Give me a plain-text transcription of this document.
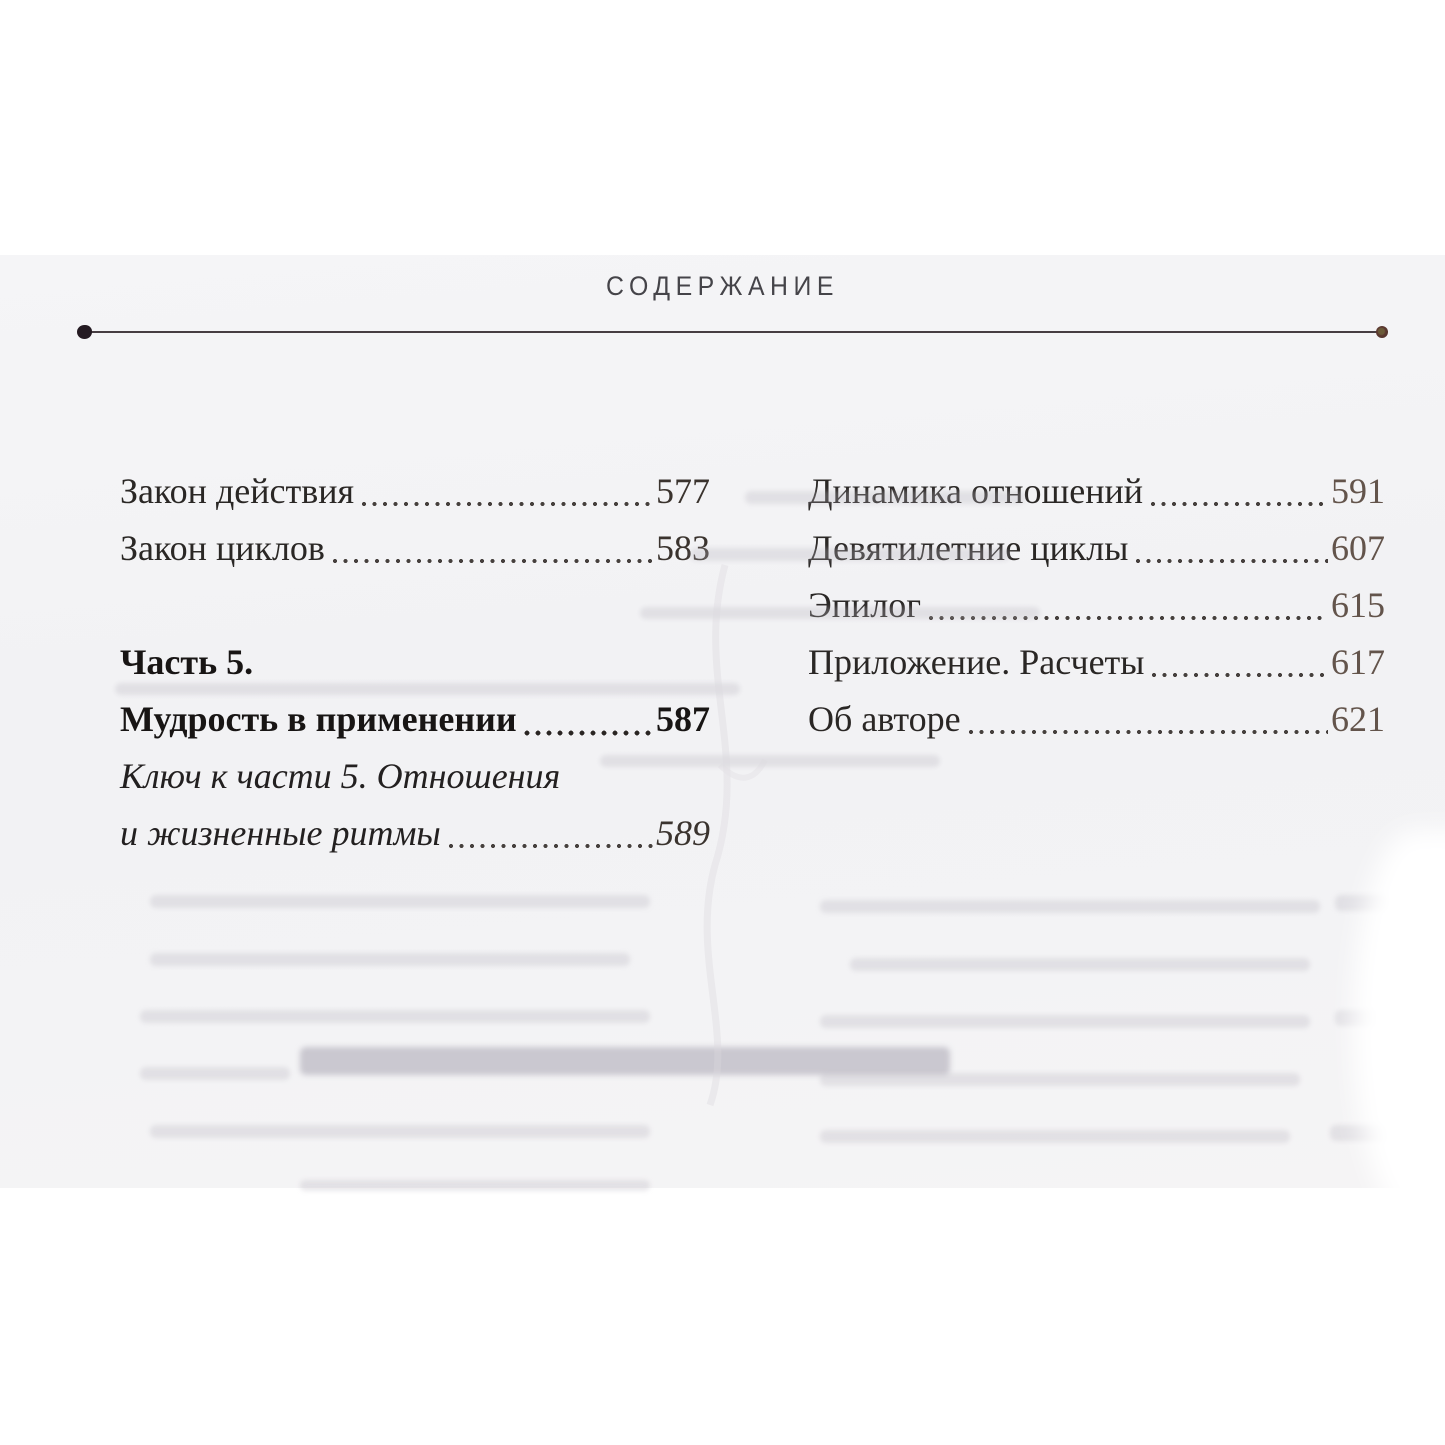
СОДЕРЖАНИЕ
Закон действия	577
Закон циклов	583
Часть 5.
Мудрость в применении	587
Ключ к части 5. Отношения
и жизненные ритмы	589
Динамика отношений	591
Девятилетние циклы	607
Эпилог	615
Приложение. Расчеты	617
Об авторе	621
